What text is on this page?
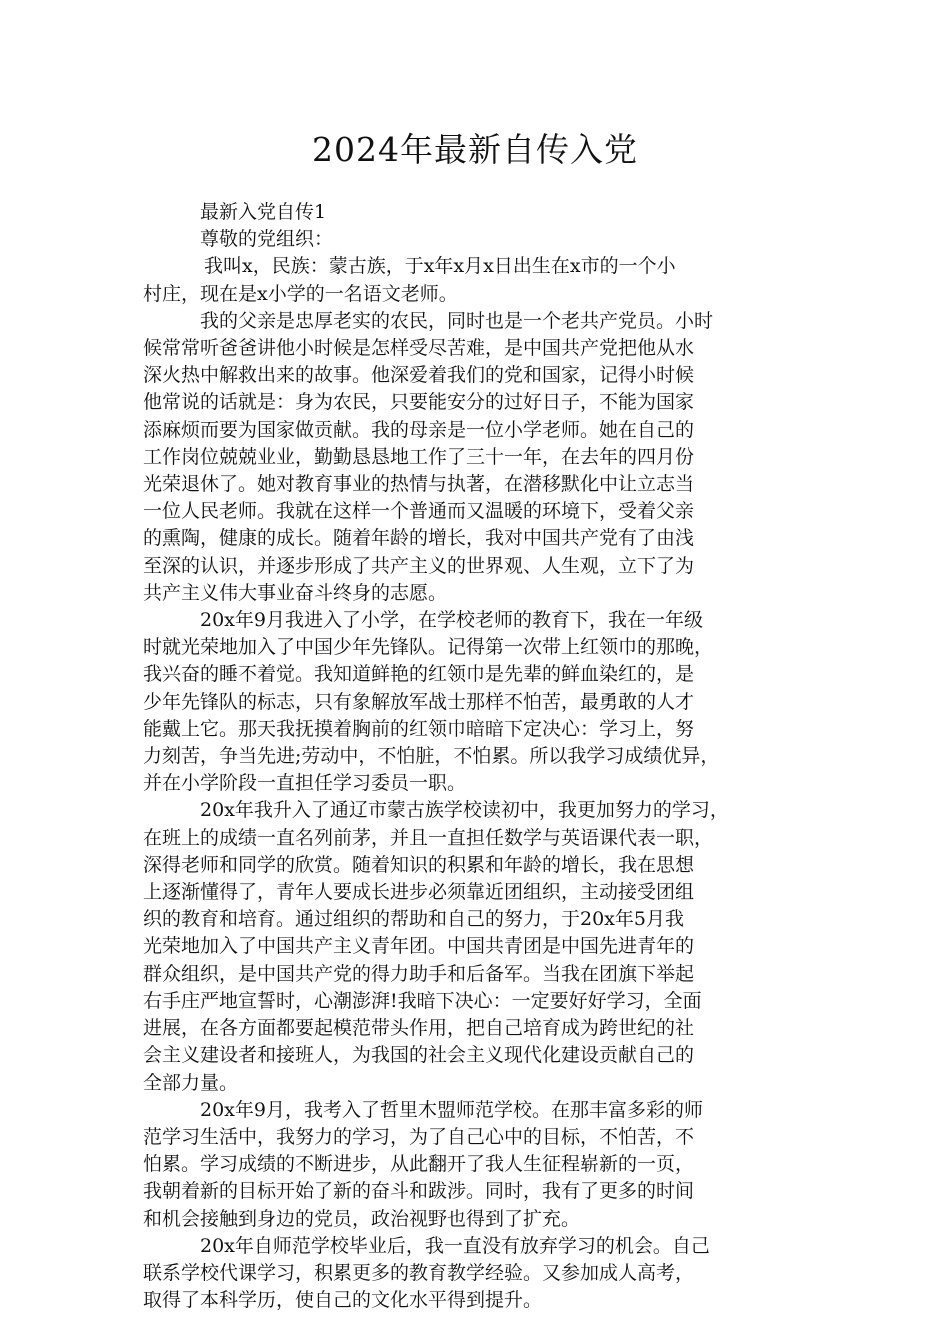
2024年最新自传入党
最新入党自传1
尊敬的党组织：
我叫x，民族：蒙古族，于x年x月x日出生在x市的一个小
村庄，现在是x小学的一名语文老师。
我的父亲是忠厚老实的农民，同时也是一个老共产党员。小时
候常常听爸爸讲他小时候是怎样受尽苦难，是中国共产党把他从水
深火热中解救出来的故事。他深爱着我们的党和国家，记得小时候
他常说的话就是：身为农民，只要能安分的过好日子，不能为国家
添麻烦而要为国家做贡献。我的母亲是一位小学老师。她在自己的
工作岗位兢兢业业，勤勤恳恳地工作了三十一年，在去年的四月份
光荣退休了。她对教育事业的热情与执著，在潜移默化中让立志当
一位人民老师。我就在这样一个普通而又温暖的环境下，受着父亲
的熏陶，健康的成长。随着年龄的增长，我对中国共产党有了由浅
至深的认识，并逐步形成了共产主义的世界观、人生观，立下了为
共产主义伟大事业奋斗终身的志愿。
20x年9月我进入了小学，在学校老师的教育下，我在一年级
时就光荣地加入了中国少年先锋队。记得第一次带上红领巾的那晚，
我兴奋的睡不着觉。我知道鲜艳的红领巾是先辈的鲜血染红的，是
少年先锋队的标志，只有象解放军战士那样不怕苦，最勇敢的人才
能戴上它。那天我抚摸着胸前的红领巾暗暗下定决心：学习上，努
力刻苦，争当先进;劳动中，不怕脏，不怕累。所以我学习成绩优异，
并在小学阶段一直担任学习委员一职。
20x年我升入了通辽市蒙古族学校读初中，我更加努力的学习，
在班上的成绩一直名列前茅，并且一直担任数学与英语课代表一职，
深得老师和同学的欣赏。随着知识的积累和年龄的增长，我在思想
上逐渐懂得了，青年人要成长进步必须靠近团组织，主动接受团组
织的教育和培育。通过组织的帮助和自己的努力，于20x年5月我
光荣地加入了中国共产主义青年团。中国共青团是中国先进青年的
群众组织，是中国共产党的得力助手和后备军。当我在团旗下举起
右手庄严地宣誓时，心潮澎湃!我暗下决心：一定要好好学习，全面
进展，在各方面都要起模范带头作用，把自己培育成为跨世纪的社
会主义建设者和接班人，为我国的社会主义现代化建设贡献自己的
全部力量。
20x年9月，我考入了哲里木盟师范学校。在那丰富多彩的师
范学习生活中，我努力的学习，为了自己心中的目标，不怕苦，不
怕累。学习成绩的不断进步，从此翻开了我人生征程崭新的一页，
我朝着新的目标开始了新的奋斗和跋涉。同时，我有了更多的时间
和机会接触到身边的党员，政治视野也得到了扩充。
20x年自师范学校毕业后，我一直没有放弃学习的机会。自己
联系学校代课学习，积累更多的教育教学经验。又参加成人高考，
取得了本科学历，使自己的文化水平得到提升。
